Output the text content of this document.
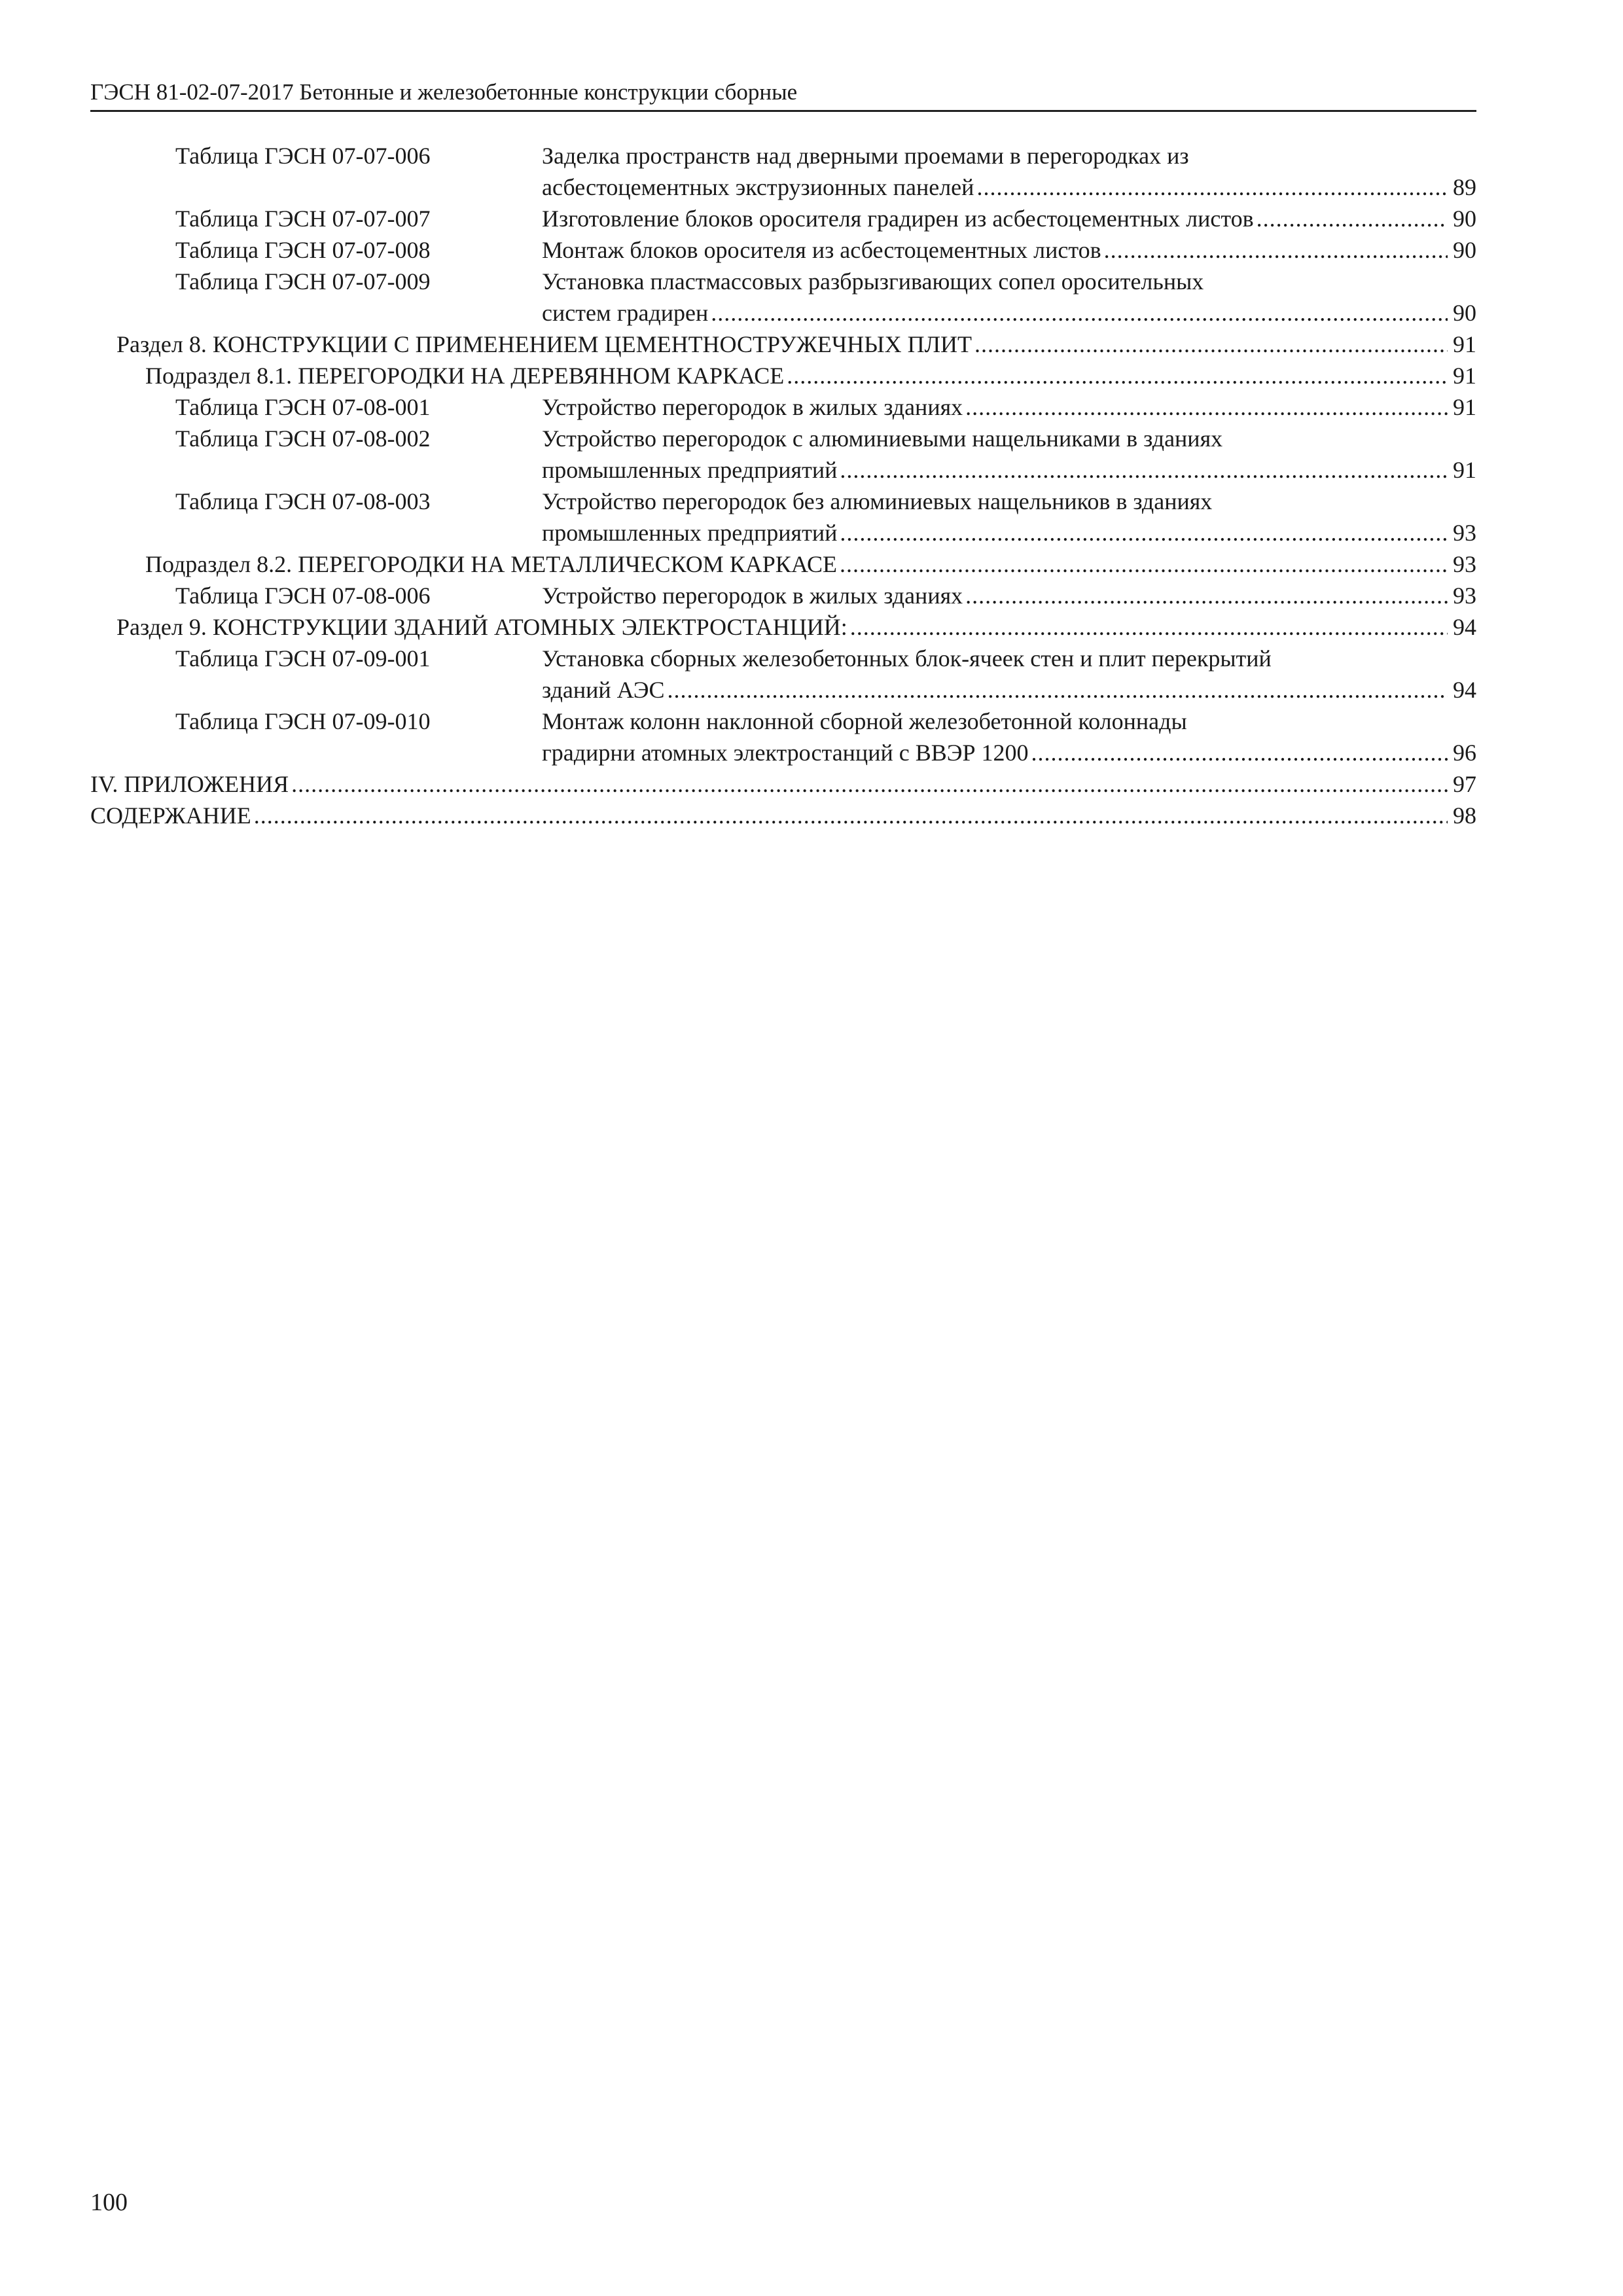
ГЭСН 81-02-07-2017 Бетонные и железобетонные конструкции сборные
Таблица ГЭСН 07-07-006	Заделка пространств над дверными проемами в перегородках из
асбестоцементных экструзионных панелей . . .	89
Таблица ГЭСН 07-07-007	Изготовление блоков оросителя градирен из асбестоцементных листов . . .	90
Таблица ГЭСН 07-07-008	Монтаж блоков оросителя из асбестоцементных листов . . .	90
Таблица ГЭСН 07-07-009	Установка пластмассовых разбрызгивающих сопел оросительных
систем градирен . . .	90
Раздел 8. КОНСТРУКЦИИ С ПРИМЕНЕНИЕМ ЦЕМЕНТНОСТРУЖЕЧНЫХ ПЛИТ . . .	91
Подраздел 8.1. ПЕРЕГОРОДКИ НА ДЕРЕВЯННОМ КАРКАСЕ . . .	91
Таблица ГЭСН 07-08-001	Устройство перегородок в жилых зданиях . . .	91
Таблица ГЭСН 07-08-002	Устройство перегородок с алюминиевыми нащельниками в зданиях
промышленных предприятий . . .	91
Таблица ГЭСН 07-08-003	Устройство перегородок без алюминиевых нащельников в зданиях
промышленных предприятий . . .	93
Подраздел 8.2. ПЕРЕГОРОДКИ НА МЕТАЛЛИЧЕСКОМ КАРКАСЕ . . .	93
Таблица ГЭСН 07-08-006	Устройство перегородок в жилых зданиях . . .	93
Раздел 9. КОНСТРУКЦИИ ЗДАНИЙ АТОМНЫХ ЭЛЕКТРОСТАНЦИЙ: . . .	94
Таблица ГЭСН 07-09-001	Установка сборных железобетонных блок-ячеек стен и плит перекрытий
зданий АЭС . . .	94
Таблица ГЭСН 07-09-010	Монтаж колонн наклонной сборной железобетонной колоннады
градирни атомных электростанций с ВВЭР 1200 . . .	96
IV. ПРИЛОЖЕНИЯ . . .	97
СОДЕРЖАНИЕ . . .	98
100
